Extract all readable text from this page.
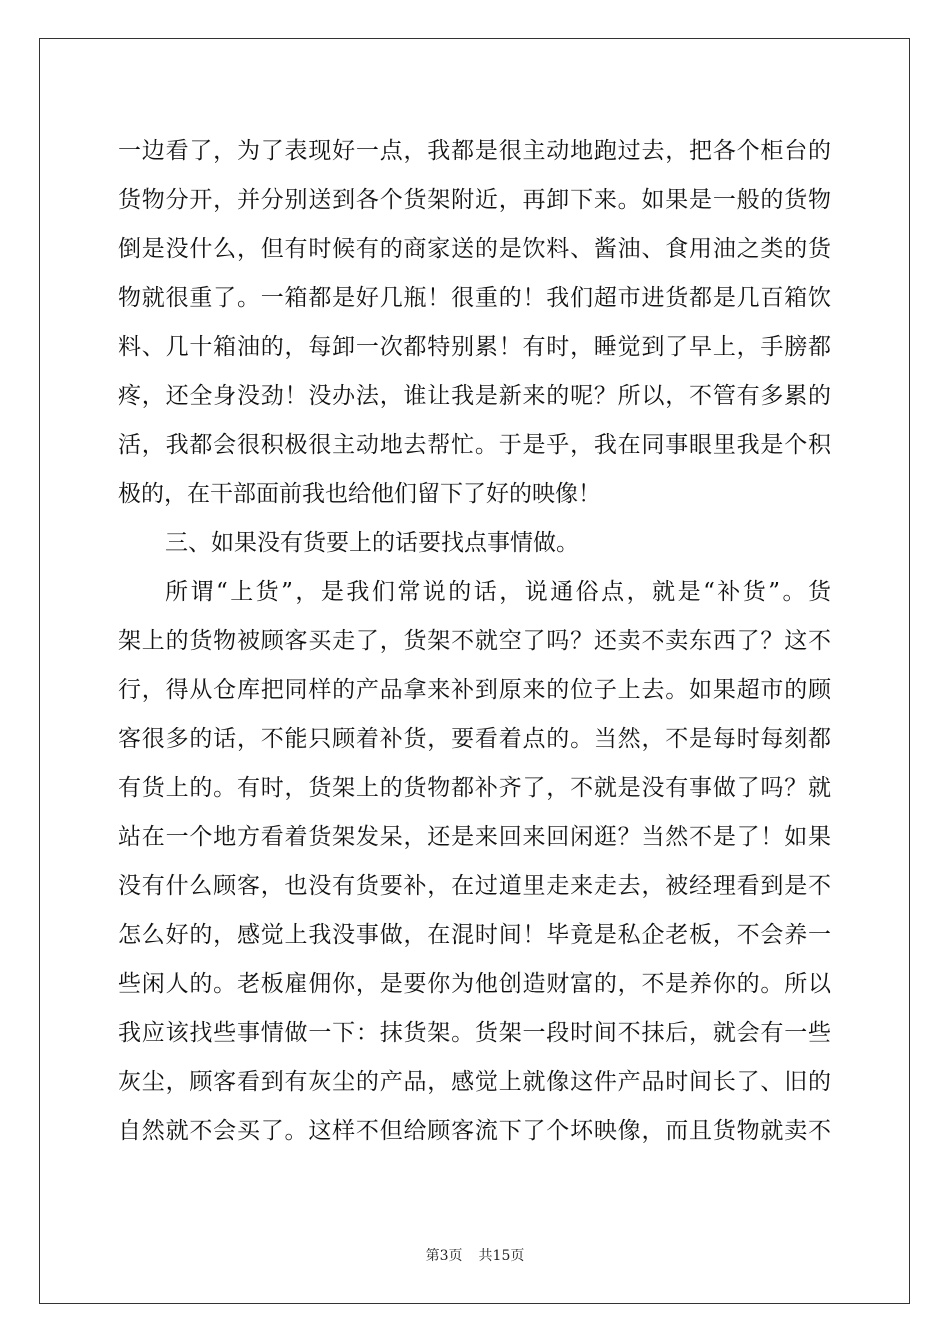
一边看了，为了表现好一点，我都是很主动地跑过去，把各个柜台的
货物分开，并分别送到各个货架附近，再卸下来。如果是一般的货物
倒是没什么，但有时候有的商家送的是饮料、酱油、食用油之类的货
物就很重了。一箱都是好几瓶！很重的！我们超市进货都是几百箱饮
料、几十箱油的，每卸一次都特别累！有时，睡觉到了早上，手膀都
疼，还全身没劲！没办法，谁让我是新来的呢？所以，不管有多累的
活，我都会很积极很主动地去帮忙。于是乎，我在同事眼里我是个积
极的，在干部面前我也给他们留下了好的映像！
三、如果没有货要上的话要找点事情做。
所谓“上货”，是我们常说的话，说通俗点，就是“补货”。货
架上的货物被顾客买走了，货架不就空了吗？还卖不卖东西了？这不
行，得从仓库把同样的产品拿来补到原来的位子上去。如果超市的顾
客很多的话，不能只顾着补货，要看着点的。当然，不是每时每刻都
有货上的。有时，货架上的货物都补齐了，不就是没有事做了吗？就
站在一个地方看着货架发呆，还是来回来回闲逛？当然不是了！如果
没有什么顾客，也没有货要补，在过道里走来走去，被经理看到是不
怎么好的，感觉上我没事做，在混时间！毕竟是私企老板，不会养一
些闲人的。老板雇佣你，是要你为他创造财富的，不是养你的。所以
我应该找些事情做一下：抹货架。货架一段时间不抹后，就会有一些
灰尘，顾客看到有灰尘的产品，感觉上就像这件产品时间长了、旧的
自然就不会买了。这样不但给顾客流下了个坏映像，而且货物就卖不
第3页 共15页
